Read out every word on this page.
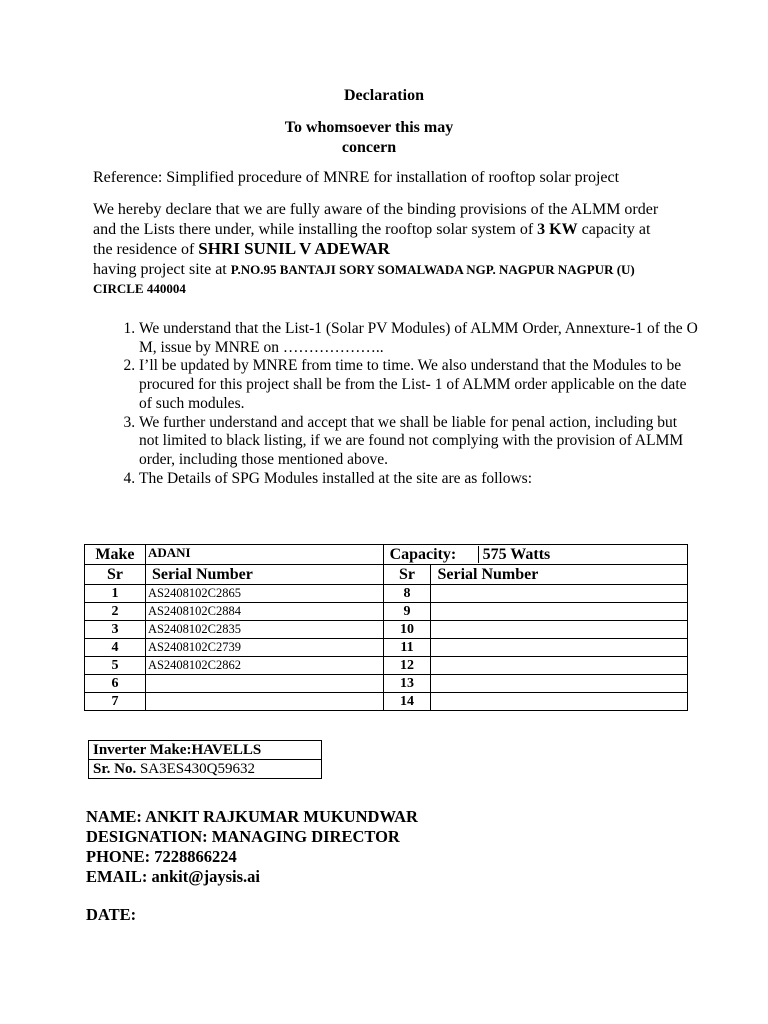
Declaration
To whomsoever this may
concern
Reference: Simplified procedure of MNRE for installation of rooftop solar project
We hereby declare that we are fully aware of the binding provisions of the ALMM order and the Lists there under, while installing the rooftop solar system of 3 KW capacity at the residence of SHRI SUNIL V ADEWAR
having project site at P.NO.95 BANTAJI SORY SOMALWADA NGP. NAGPUR NAGPUR (U) CIRCLE 440004
1. We understand that the List-1 (Solar PV Modules) of ALMM Order, Annexture-1 of the O M, issue by MNRE on ………………..
2. I’ll be updated by MNRE from time to time. We also understand that the Modules to be procured for this project shall be from the List- 1 of ALMM order applicable on the date of such modules.
3. We further understand and accept that we shall be liable for penal action, including but not limited to black listing, if we are found not complying with the provision of ALMM order, including those mentioned above.
4. The Details of SPG Modules installed at the site are as follows:
Make	ADANI	Capacity: 575 Watts	
Sr	Serial Number	Sr	Serial Number
1	AS2408102C2865	8	
2	AS2408102C2884	9	
3	AS2408102C2835	10	
4	AS2408102C2739	11	
5	AS2408102C2862	12	
6		13	
7		14	
Inverter Make:HAVELLS
Sr. No. SA3ES430Q59632
NAME: ANKIT RAJKUMAR MUKUNDWAR
DESIGNATION: MANAGING DIRECTOR
PHONE: 7228866224
EMAIL: ankit@jaysis.ai
DATE:
